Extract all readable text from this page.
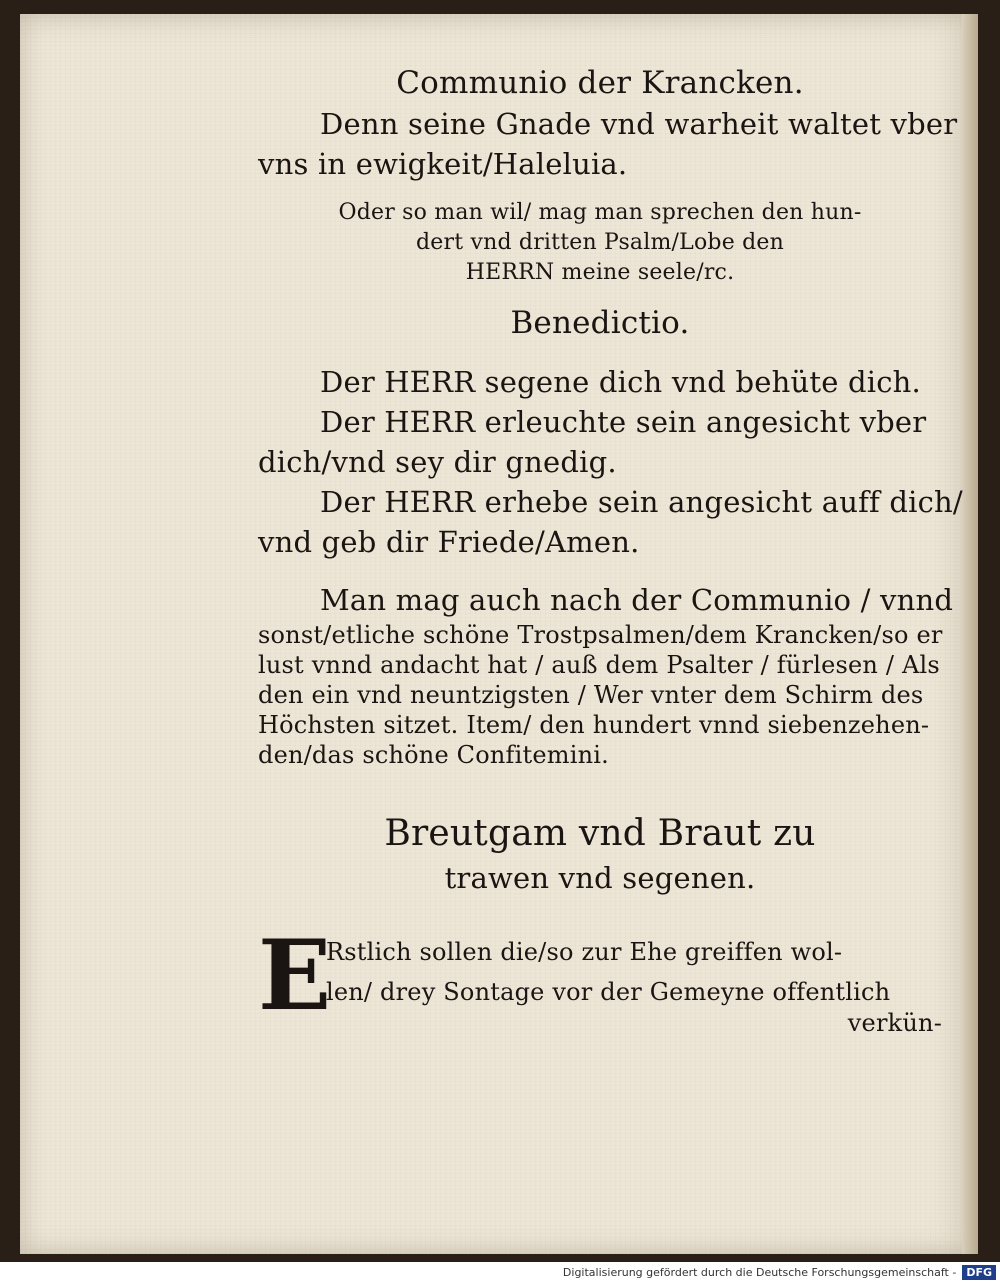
Communio der Krancken.
Denn seine Gnade vnd warheit waltet vber
vns in ewigkeit/Haleluia.
Oder so man wil/ mag man sprechen den hun-
dert vnd dritten Psalm/Lobe den
HERRN meine seele/rc.
Benedictio.
Der HERR segene dich vnd behüte dich.
Der HERR erleuchte sein angesicht vber
dich/vnd sey dir gnedig.
Der HERR erhebe sein angesicht auff dich/
vnd geb dir Friede/Amen.
Man mag auch nach der Communio / vnnd
sonst/etliche schöne Trostpsalmen/dem Krancken/so er
lust vnnd andacht hat / auß dem Psalter / fürlesen / Als
den ein vnd neuntzigsten / Wer vnter dem Schirm des
Höchsten sitzet. Item/ den hundert vnnd siebenzehen-
den/das schöne Confitemini.
Breutgam vnd Braut zu
trawen vnd segenen.
E
Rstlich sollen die/so zur Ehe greiffen wol-
len/ drey Sontage vor der Gemeyne offentlich
verkün-
Digitalisierung gefördert durch die Deutsche Forschungsgemeinschaft - DFG
